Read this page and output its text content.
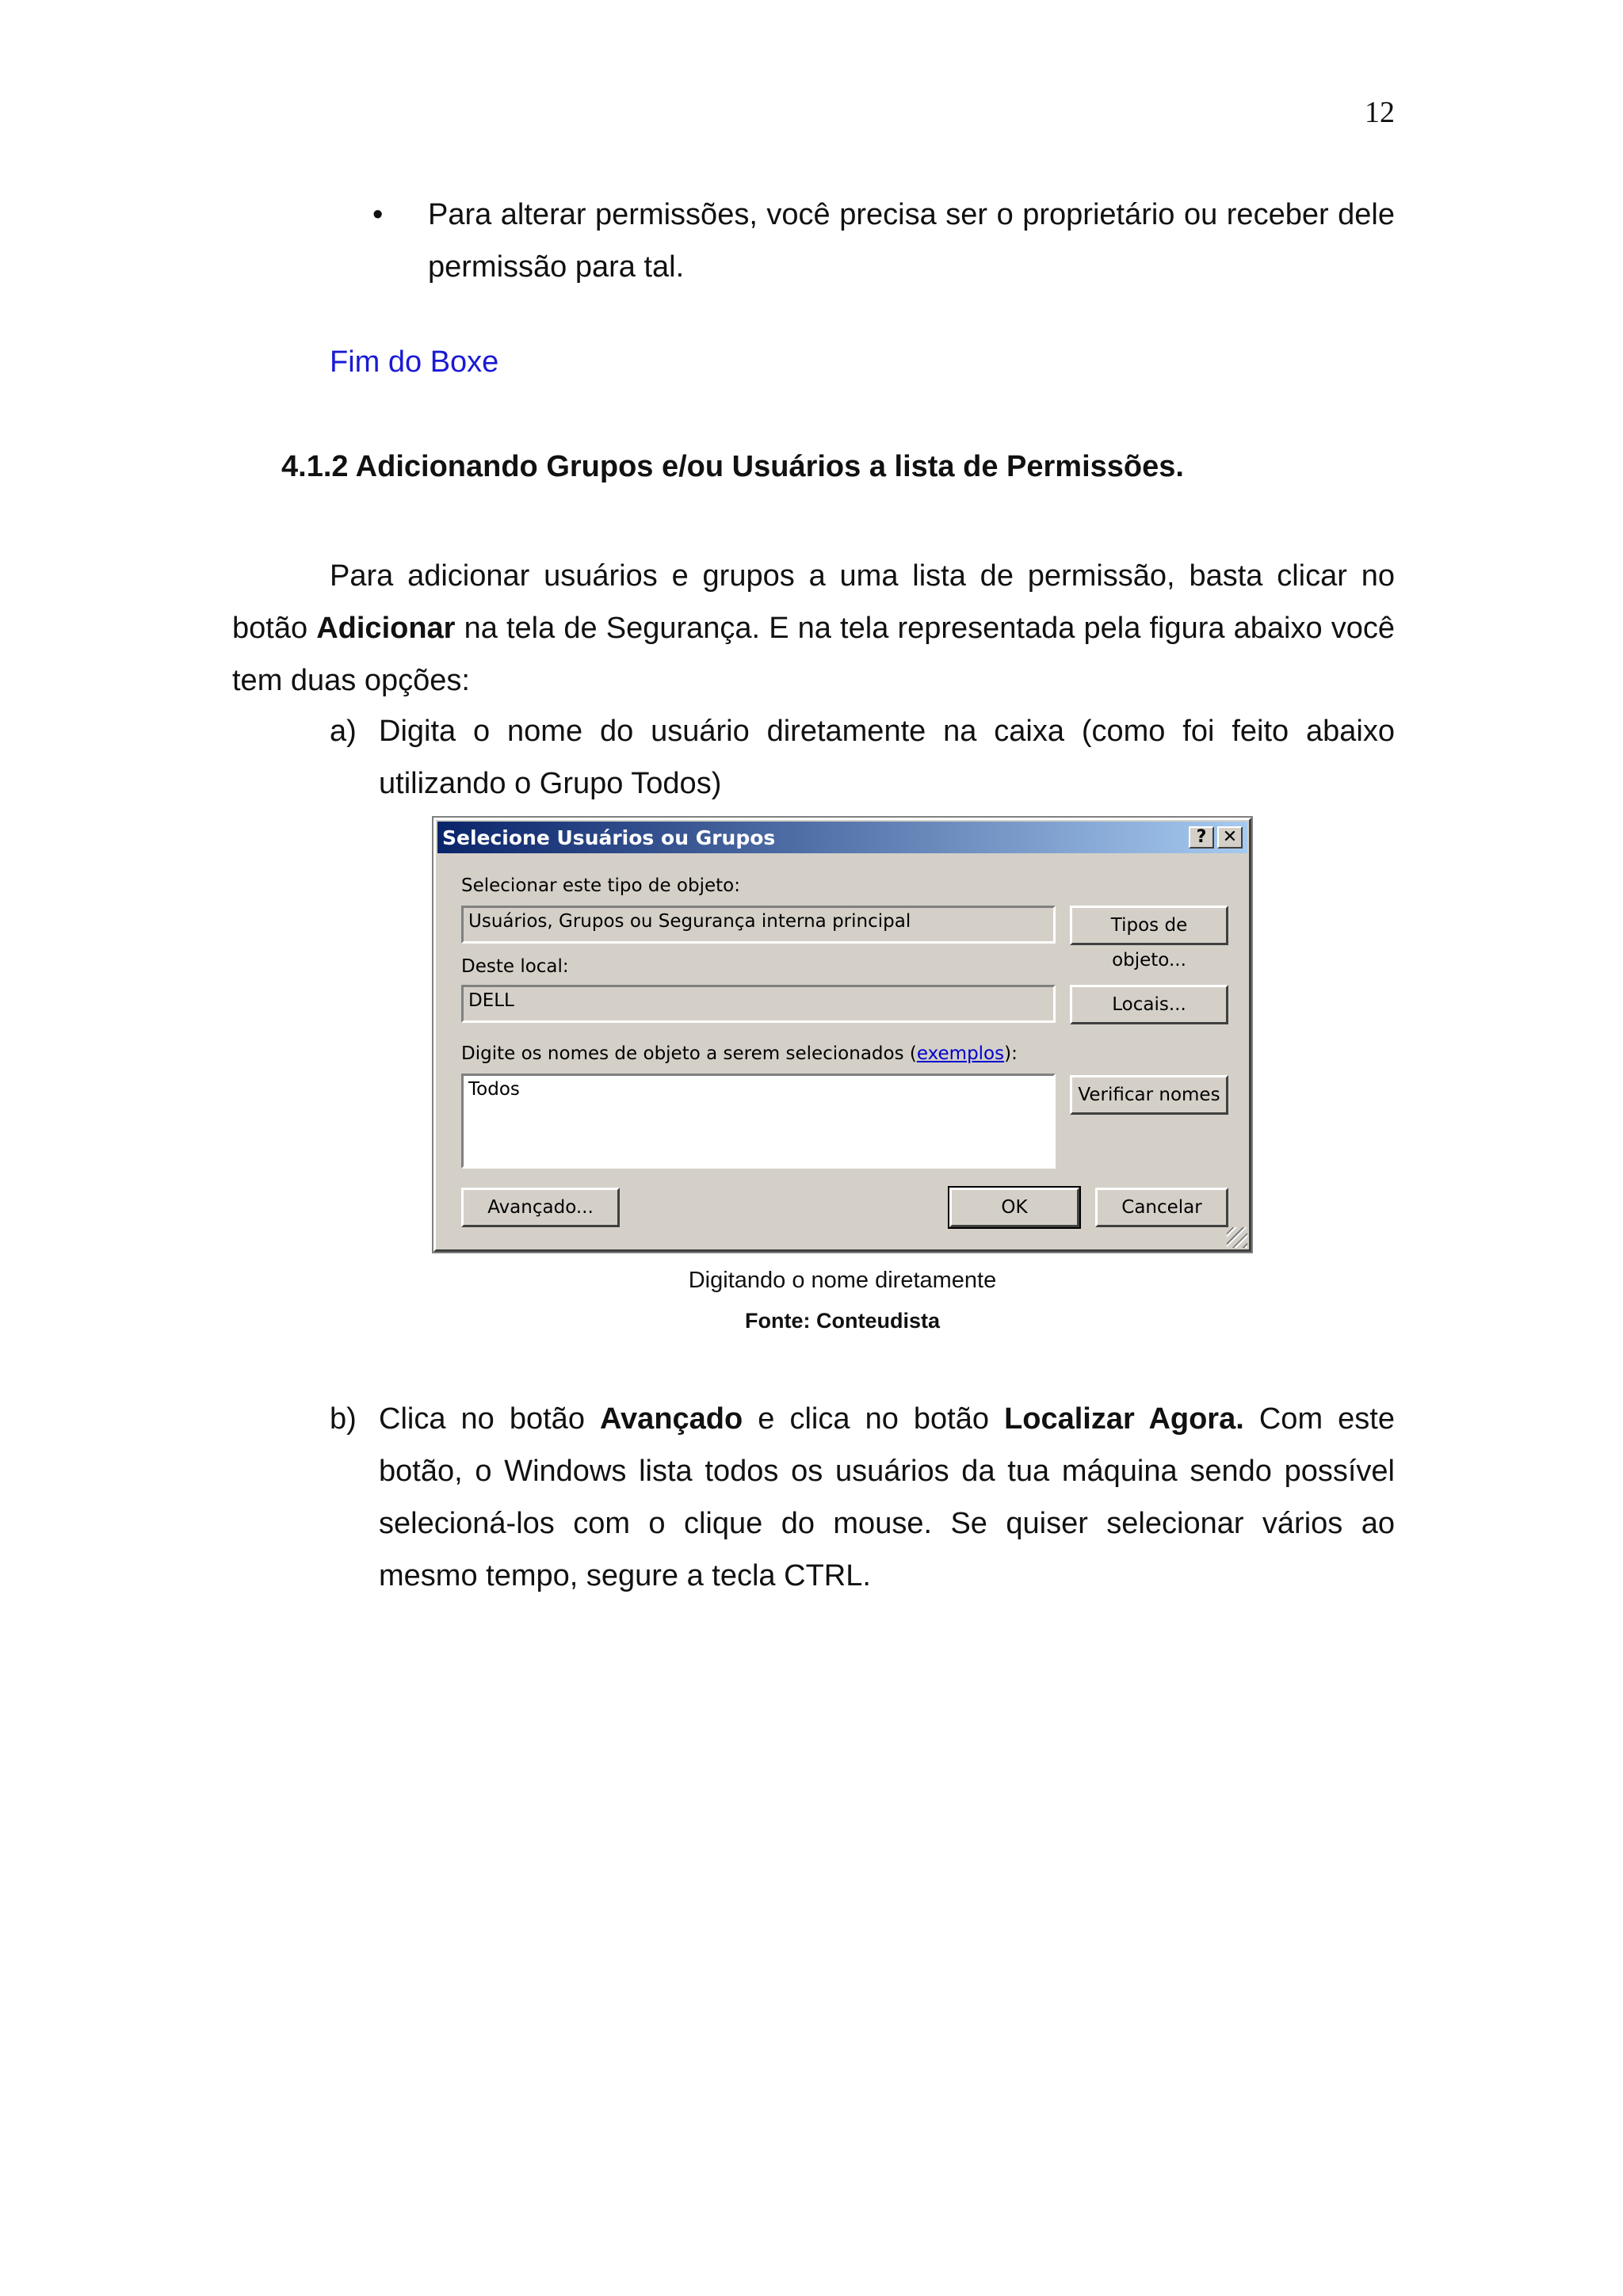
12
• Para alterar permissões, você precisa ser o proprietário ou receber dele permissão para tal.
Fim do Boxe
4.1.2 Adicionando Grupos e/ou Usuários a lista de Permissões.
Para adicionar usuários e grupos a uma lista de permissão, basta clicar no botão Adicionar na tela de Segurança. E na tela representada pela figura abaixo você tem duas opções:
a) Digita o nome do usuário diretamente na caixa (como foi feito abaixo utilizando o Grupo Todos)
Selecione Usuários ou Grupos	? ✕
Selecionar este tipo de objeto:
Usuários, Grupos ou Segurança interna principal	Tipos de objeto...
Deste local:
DELL	Locais...
Digite os nomes de objeto a serem selecionados (exemplos):
Todos	Verificar nomes
Avançado...	OK	Cancelar
Digitando o nome diretamente
Fonte: Conteudista
b) Clica no botão Avançado e clica no botão Localizar Agora. Com este botão, o Windows lista todos os usuários da tua máquina sendo possível selecioná-los com o clique do mouse. Se quiser selecionar vários ao mesmo tempo, segure a tecla CTRL.
